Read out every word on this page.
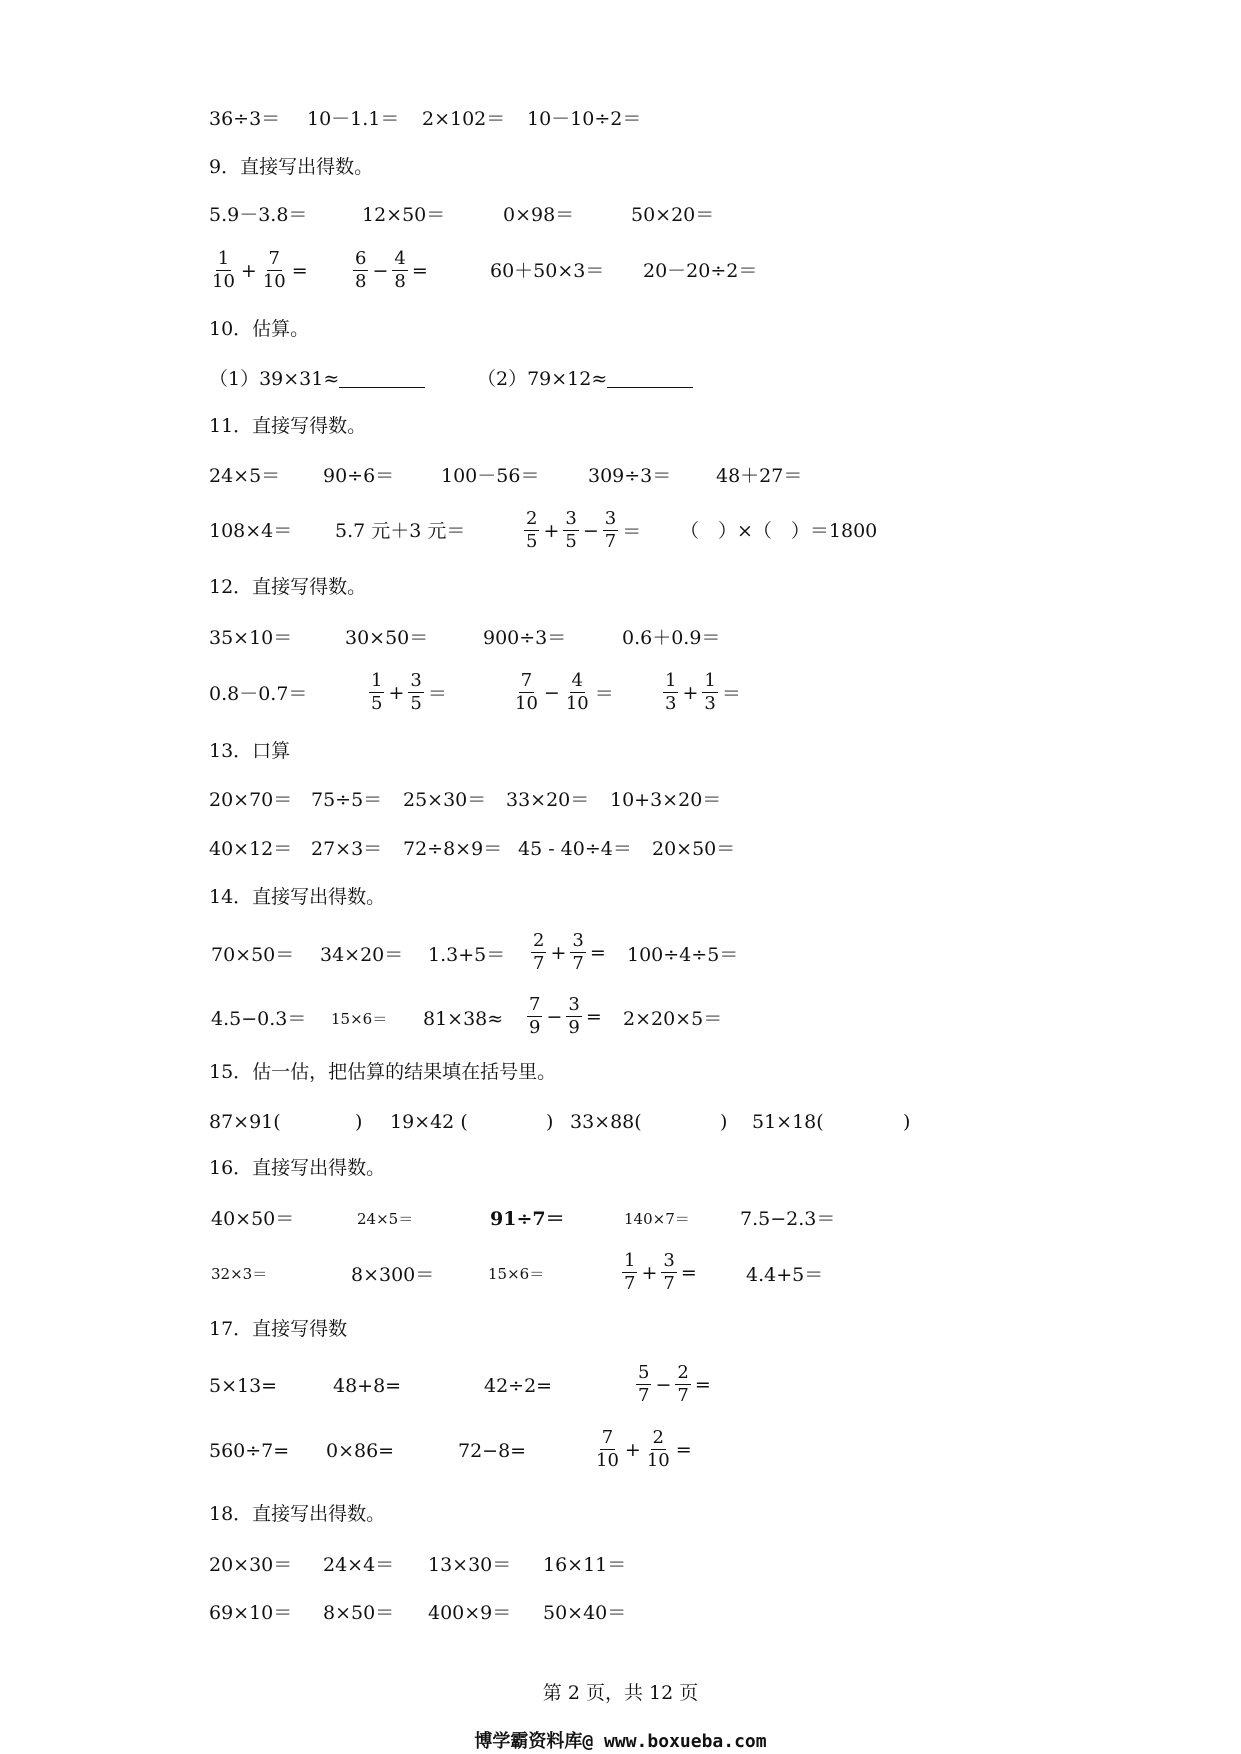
36÷3＝ 10－1.1＝ 2×102＝ 10－10÷2＝
9．直接写出得数。
5.9－3.8＝	12×50＝	0×98＝	50×20＝
$\frac{1}{10} + \frac{7}{10}$ =	$\frac{6}{8} - \frac{4}{8}$ =	60＋50×3＝ 20－20÷2＝
10．估算。
（1）39×31≈	（2）79×12≈
11．直接写得数。
24×5＝ 90÷6＝ 100－56＝	309÷3＝ 48＋27＝
108×4＝ 5.7 元＋3 元＝	$\frac{2}{5} + \frac{3}{5} - \frac{3}{7}$ ＝ （　）×（　）＝1800
12．直接写得数。
35×10＝	30×50＝	900÷3＝	0.6＋0.9＝
0.8－0.7＝	$\frac{1}{5} + \frac{3}{5}$ ＝	$\frac{7}{10} - \frac{4}{10}$ ＝	$\frac{1}{3} + \frac{1}{3}$ ＝
13．口算
20×70＝ 75÷5＝ 25×30＝ 33×20＝ 10+3×20＝
40×12＝ 27×3＝ 72÷8×9＝ 45 - 40÷4＝ 20×50＝
14．直接写出得数。
$70\times 50= 34\times 20= 1.3+5= \frac{2}{7} + \frac{3}{7} = 100\div 4\div 5=$
$4.5-0.3= 15\times 6= 81\times 38\approx \frac{7}{9} - \frac{3}{9} = 2\times 20\times 5=$
15．估一估，把估算的结果填在括号里。
87×91(	) 19×42 (	) 33×88(	) 51×18(	)
16．直接写出得数。
40×50＝	24×5＝	91÷7＝	140×7＝	7.5−2.3＝
32×3＝	8×300＝	15×6＝	$\frac{1}{7} + \frac{3}{7}$ =	4.4+5＝
17．直接写得数
5×13=	48+8=	42÷2=	$\frac{5}{7} - \frac{2}{7}$ =
560÷7= 0×86=	72−8=	$\frac{7}{10} + \frac{2}{10}$ =
18．直接写出得数。
20×30＝ 24×4＝ 13×30＝ 16×11＝
69×10＝ 8×50＝ 400×9＝ 50×40＝
第 2 页，共 12 页
博学霸资料库@ www.boxueba.com
